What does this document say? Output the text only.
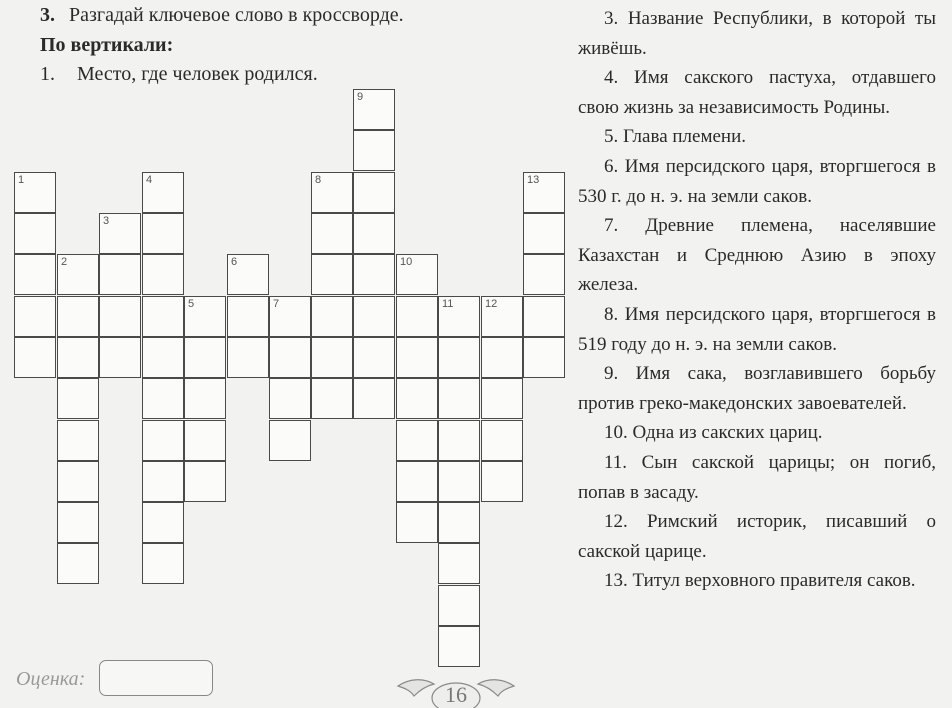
3. Разгадай ключевое слово в кроссворде.
По вертикали:
1. Место, где человек родился.
1
2
3
4
5
6
7
8
9
10
11	12
13

3. Название Республики, в которой ты живёшь.

4. Имя сакского пастуха, отдавшего свою жизнь за независимость Родины.

5. Глава племени.

6. Имя персидского царя, вторгшегося в 530 г. до н. э. на земли саков.

7. Древние племена, населявшие Казахстан и Среднюю Азию в эпоху железа.

8. Имя персидского царя, вторгшегося в 519 году до н. э. на земли саков.

9. Имя сака, возглавившего борьбу против греко-македонских завоевателей.

10. Одна из сакских цариц.

11. Сын сакской царицы; он погиб, попав в засаду.

12. Римский историк, писавший о сакской царице.

13. Титул верховного правителя саков.

Оценка:
16
